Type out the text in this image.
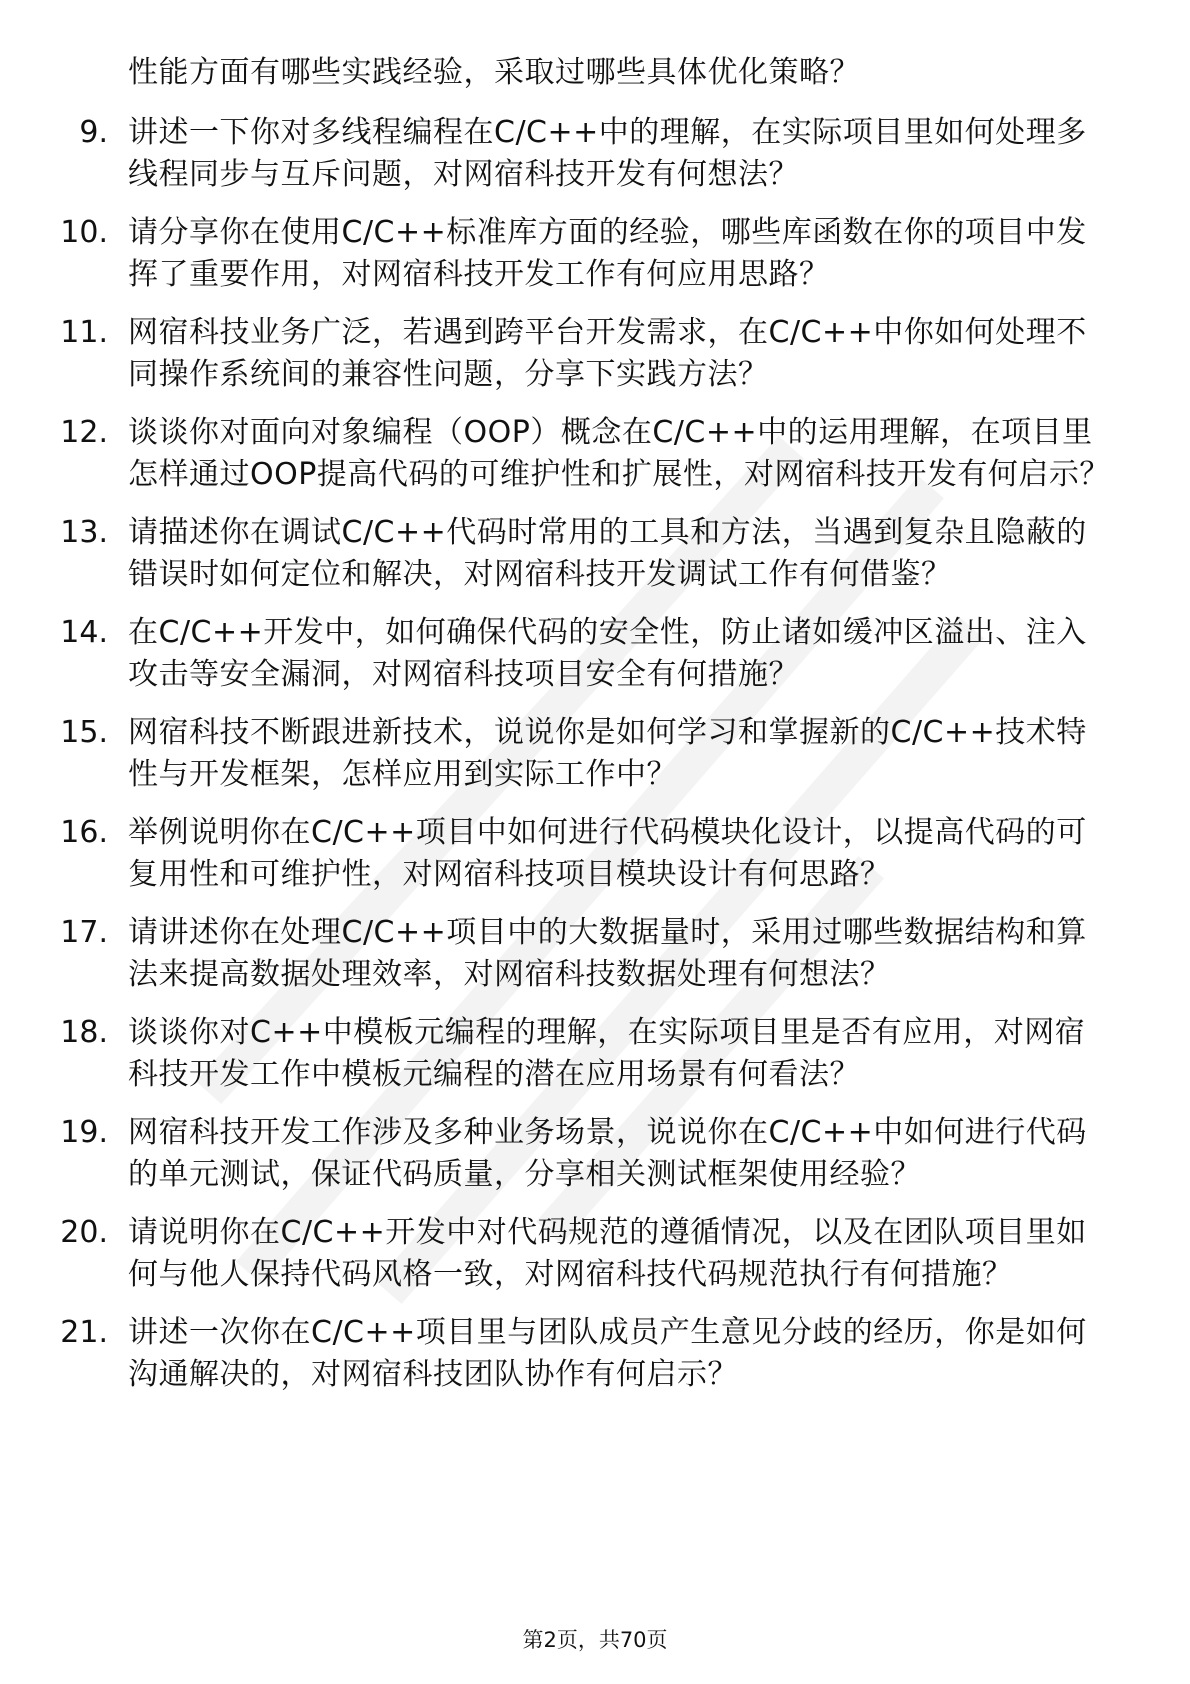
性能方面有哪些实践经验，采取过哪些具体优化策略？

9. 讲述一下你对多线程编程在C/C++中的理解，在实际项目里如何处理多线程同步与互斥问题，对网宿科技开发有何想法？
10. 请分享你在使用C/C++标准库方面的经验，哪些库函数在你的项目中发挥了重要作用，对网宿科技开发工作有何应用思路？
11. 网宿科技业务广泛，若遇到跨平台开发需求，在C/C++中你如何处理不同操作系统间的兼容性问题，分享下实践方法？
12. 谈谈你对面向对象编程（OOP）概念在C/C++中的运用理解，在项目里怎样通过OOP提高代码的可维护性和扩展性，对网宿科技开发有何启示？
13. 请描述你在调试C/C++代码时常用的工具和方法，当遇到复杂且隐蔽的错误时如何定位和解决，对网宿科技开发调试工作有何借鉴？
14. 在C/C++开发中，如何确保代码的安全性，防止诸如缓冲区溢出、注入攻击等安全漏洞，对网宿科技项目安全有何措施？
15. 网宿科技不断跟进新技术，说说你是如何学习和掌握新的C/C++技术特性与开发框架，怎样应用到实际工作中？
16. 举例说明你在C/C++项目中如何进行代码模块化设计，以提高代码的可复用性和可维护性，对网宿科技项目模块设计有何思路？
17. 请讲述你在处理C/C++项目中的大数据量时，采用过哪些数据结构和算法来提高数据处理效率，对网宿科技数据处理有何想法？
18. 谈谈你对C++中模板元编程的理解，在实际项目里是否有应用，对网宿科技开发工作中模板元编程的潜在应用场景有何看法？
19. 网宿科技开发工作涉及多种业务场景，说说你在C/C++中如何进行代码的单元测试，保证代码质量，分享相关测试框架使用经验？
20. 请说明你在C/C++开发中对代码规范的遵循情况，以及在团队项目里如何与他人保持代码风格一致，对网宿科技代码规范执行有何措施？
21. 讲述一次你在C/C++项目里与团队成员产生意见分歧的经历，你是如何沟通解决的，对网宿科技团队协作有何启示？
第2页，共70页
